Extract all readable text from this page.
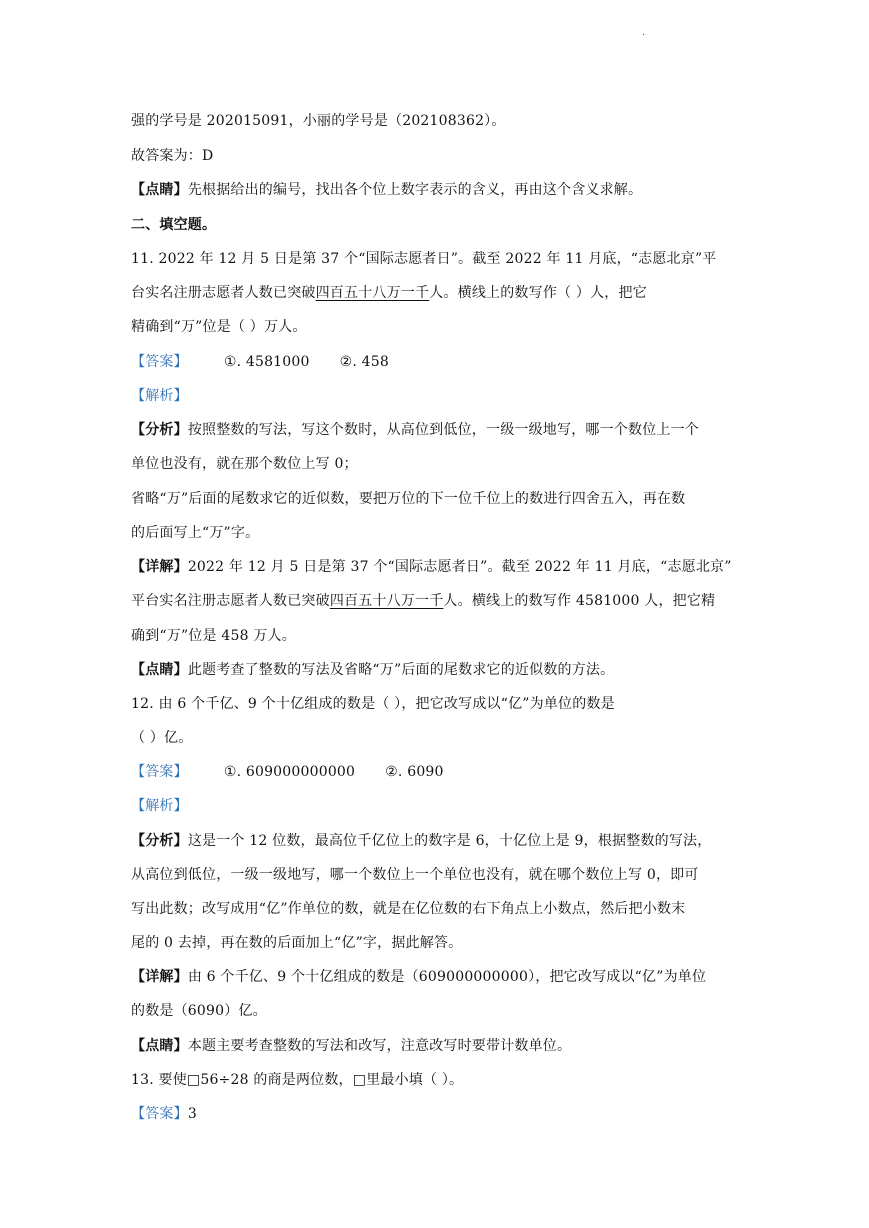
·
强的学号是 202015091，小丽的学号是（202108362）。
故答案为：D
【点睛】先根据给出的编号，找出各个位上数字表示的含义，再由这个含义求解。
二、填空题。
11. 2022 年 12 月 5 日是第 37 个“国际志愿者日”。截至 2022 年 11 月底，“志愿北京”平
台实名注册志愿者人数已突破四百五十八万一千人。横线上的数写作（ ）人，把它
精确到“万”位是（ ）万人。
【答案】	①. 4581000 ②. 458
【解析】
【分析】按照整数的写法，写这个数时，从高位到低位，一级一级地写，哪一个数位上一个
单位也没有，就在那个数位上写 0；
省略“万”后面的尾数求它的近似数，要把万位的下一位千位上的数进行四舍五入，再在数
的后面写上“万”字。
【详解】2022 年 12 月 5 日是第 37 个“国际志愿者日”。截至 2022 年 11 月底，“志愿北京”
平台实名注册志愿者人数已突破四百五十八万一千人。横线上的数写作 4581000 人，把它精
确到“万”位是 458 万人。
【点睛】此题考查了整数的写法及省略“万”后面的尾数求它的近似数的方法。
12. 由 6 个千亿、9 个十亿组成的数是（ ），把它改写成以“亿”为单位的数是
（ ）亿。
【答案】	①. 609000000000 ②. 6090
【解析】
【分析】这是一个 12 位数，最高位千亿位上的数字是 6，十亿位上是 9，根据整数的写法，
从高位到低位，一级一级地写，哪一个数位上一个单位也没有，就在哪个数位上写 0，即可
写出此数；改写成用“亿”作单位的数，就是在亿位数的右下角点上小数点，然后把小数末
尾的 0 去掉，再在数的后面加上“亿”字，据此解答。
【详解】由 6 个千亿、9 个十亿组成的数是（609000000000），把它改写成以“亿”为单位
的数是（6090）亿。
【点睛】本题主要考查整数的写法和改写，注意改写时要带计数单位。
13. 要使□56÷28 的商是两位数，□里最小填（ ）。
【答案】3
